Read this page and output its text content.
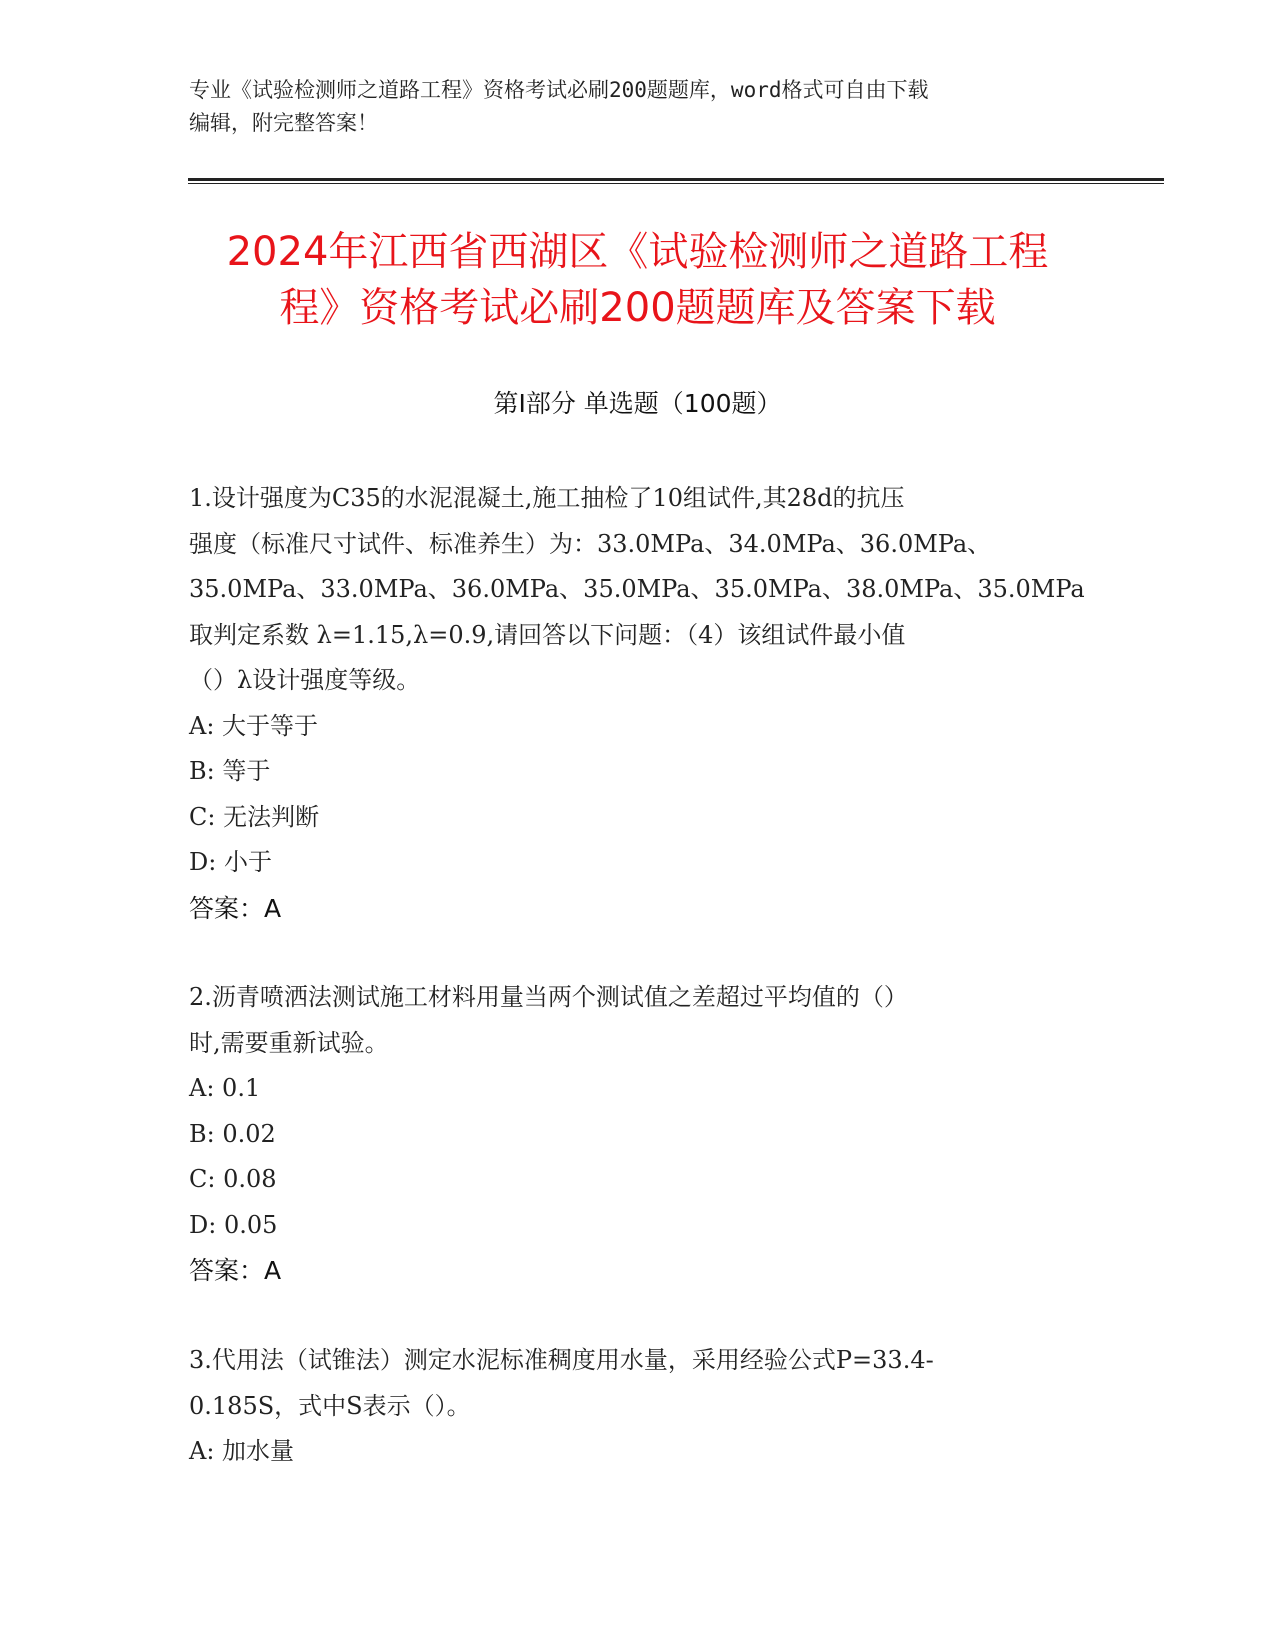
专业《试验检测师之道路工程》资格考试必刷200题题库，word格式可自由下载
编辑，附完整答案！
2024年江西省西湖区《试验检测师之道路工程
程》资格考试必刷200题题库及答案下载
第I部分 单选题（100题）
1.设计强度为C35的水泥混凝土,施工抽检了10组试件,其28d的抗压
强度（标准尺寸试件、标准养生）为：33.0MPa、34.0MPa、36.0MPa、
35.0MPa、33.0MPa、36.0MPa、35.0MPa、35.0MPa、38.0MPa、35.0MPa
取判定系数 λ=1.15,λ=0.9,请回答以下问题：（4）该组试件最小值
（）λ设计强度等级。
A: 大于等于
B: 等于
C: 无法判断
D: 小于
答案：A
2.沥青喷洒法测试施工材料用量当两个测试值之差超过平均值的（）
时,需要重新试验。
A: 0.1
B: 0.02
C: 0.08
D: 0.05
答案：A
3.代用法（试锥法）测定水泥标准稠度用水量，采用经验公式P=33.4-
0.185S，式中S表示（）。
A: 加水量
